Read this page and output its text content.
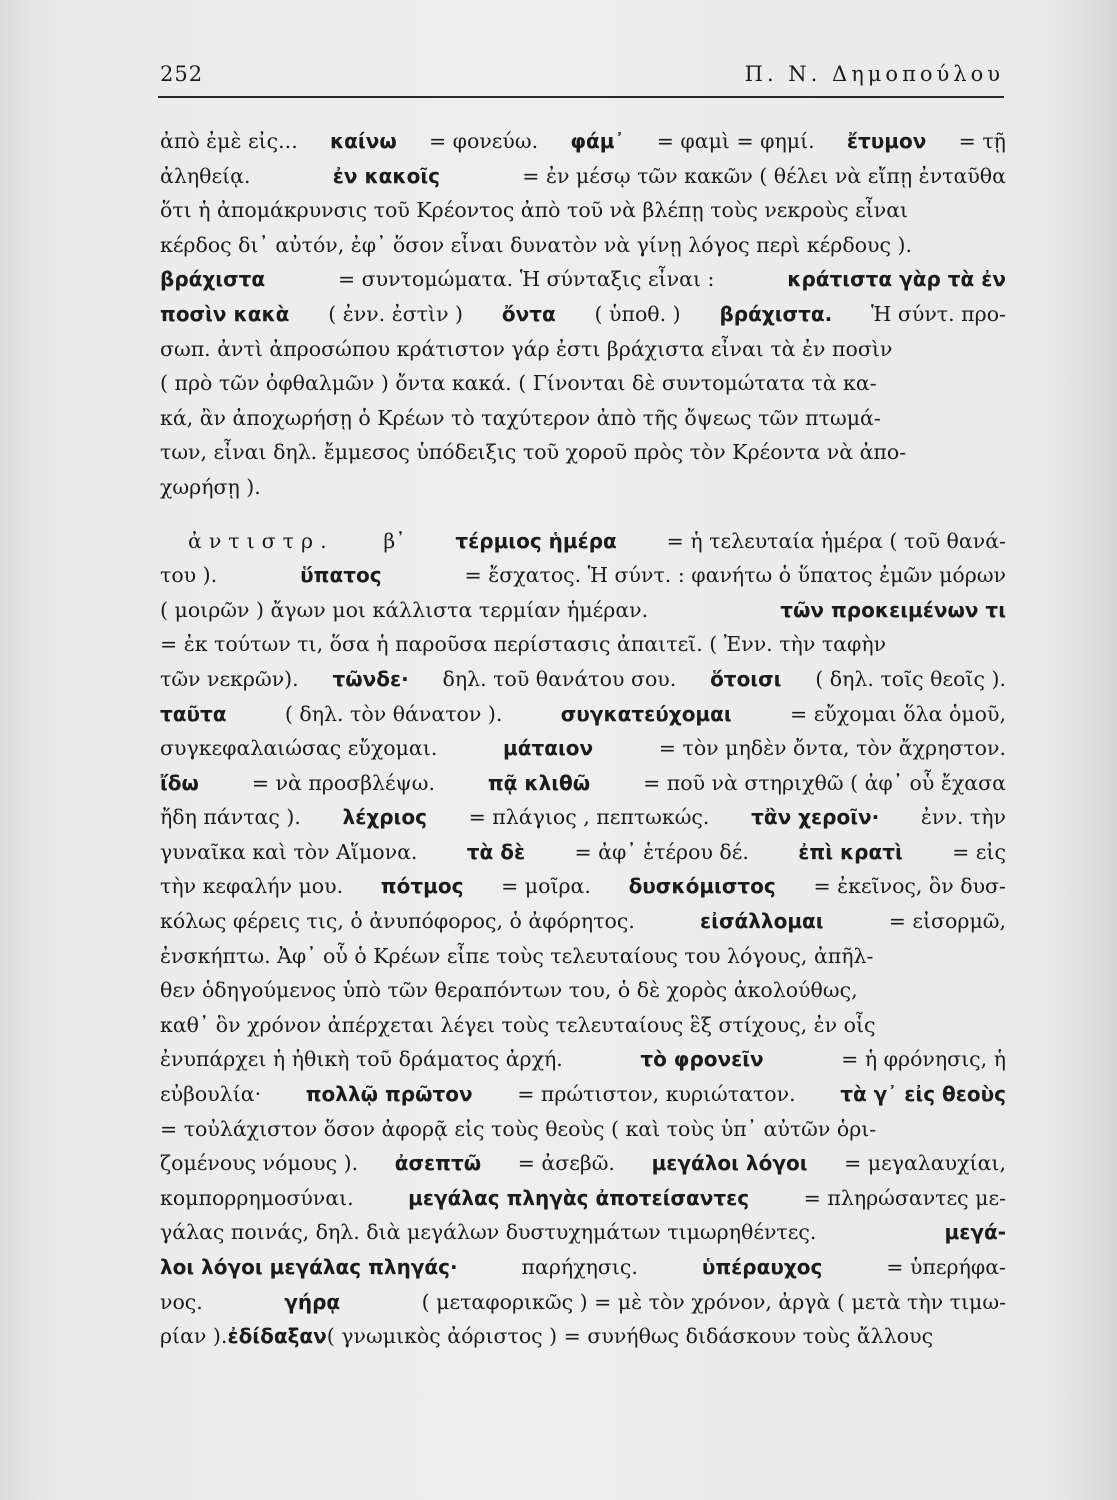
252	Π. Ν. Δημοπούλου
ἀπὸ ἐμὲ εἰς... καίνω = φονεύω. φάμ᾽ = φαμὶ = φημί. ἔτυμον = τῇ
ἀληθείᾳ.	ἐν κακοῖς	= ἐν μέσῳ τῶν κακῶν ( θέλει νὰ εἴπῃ ἐνταῦθα
ὅτι ἡ ἀπομάκρυνσις τοῦ Κρέοντος ἀπὸ τοῦ νὰ βλέπῃ τοὺς νεκροὺς εἶναι
κέρδος δι᾽ αὐτόν, ἐφ᾽ ὅσον εἶναι δυνατὸν νὰ γίνῃ λόγος περὶ κέρδους ).
βράχιστα	= συντομώματα. Ἡ σύνταξις εἶναι :	κράτιστα γὰρ τὰ ἐν
ποσὶν κακὰ ( ἐνν. ἐστὶν ) ὄντα ( ὑποθ. ) βράχιστα. Ἡ σύντ. προ-
σωπ. ἀντὶ ἀπροσώπου κράτιστον γάρ ἐστι βράχιστα εἶναι τὰ ἐν ποσὶν
( πρὸ τῶν ὀφθαλμῶν ) ὄντα κακά. ( Γίνονται δὲ συντομώτατα τὰ κα-
κά, ἂν ἀποχωρήσῃ ὁ Κρέων τὸ ταχύτερον ἀπὸ τῆς ὄψεως τῶν πτωμά-
των, εἶναι δηλ. ἔμμεσος ὑπόδειξις τοῦ χοροῦ πρὸς τὸν Κρέοντα νὰ ἀπο-
χωρήσῃ ).
ἀντιστρ. β᾽ τέρμιος ἡμέρα = ἡ τελευταία ἡμέρα ( τοῦ θανά-
του ).	ὕπατος	= ἔσχατος. Ἡ σύντ. : φανήτω ὁ ὕπατος ἐμῶν μόρων
( μοιρῶν ) ἄγων μοι κάλλιστα τερμίαν ἡμέραν.	τῶν προκειμένων τι
= ἐκ τούτων τι, ὅσα ἡ παροῦσα περίστασις ἀπαιτεῖ. ( Ἐνν. τὴν ταφὴν
τῶν νεκρῶν). τῶνδε· δηλ. τοῦ θανάτου σου. ὅτοισι ( δηλ. τοῖς θεοῖς ).
ταῦτα	( δηλ. τὸν θάνατον ).	συγκατεύχομαι	= εὔχομαι ὅλα ὁμοῦ,
συγκεφαλαιώσας εὔχομαι.	μάταιον	= τὸν μηδὲν ὄντα, τὸν ἄχρηστον.
ἴδω	= νὰ προσβλέψω.	πᾷ κλιθῶ	= ποῦ νὰ στηριχθῶ ( ἀφ᾽ οὗ ἔχασα
ἤδη πάντας ). λέχριος = πλάγιος , πεπτωκώς. τἂν χεροῖν· ἐνν. τὴν
γυναῖκα καὶ τὸν Αἵμονα. τὰ δὲ = ἀφ᾽ ἑτέρου δέ. ἐπὶ κρατὶ = εἰς
τὴν κεφαλήν μου. πότμος = μοῖρα. δυσκόμιστος = ἐκεῖνος, ὃν δυσ-
κόλως φέρεις τις, ὁ ἀνυπόφορος, ὁ ἀφόρητος.	εἰσάλλομαι	= εἰσορμῶ,
ἐνσκήπτω. Ἀφ᾽ οὗ ὁ Κρέων εἶπε τοὺς τελευταίους του λόγους, ἀπῆλ-
θεν ὁδηγούμενος ὑπὸ τῶν θεραπόντων του, ὁ δὲ χορὸς ἀκολούθως,
καθ᾽ ὃν χρόνον ἀπέρχεται λέγει τοὺς τελευταίους ἓξ στίχους, ἐν οἷς
ἐνυπάρχει ἡ ἠθικὴ τοῦ δράματος ἀρχή.	τὸ φρονεῖν	= ἡ φρόνησις, ἡ
εὐβουλία· πολλῷ πρῶτον = πρώτιστον, κυριώτατον. τὰ γ᾽ εἰς θεοὺς
= τοὐλάχιστον ὅσον ἀφορᾷ εἰς τοὺς θεοὺς ( καὶ τοὺς ὑπ᾽ αὐτῶν ὁρι-
ζομένους νόμους ). ἀσεπτῶ = ἀσεβῶ. μεγάλοι λόγοι = μεγαλαυχίαι,
κομπορρημοσύναι.	μεγάλας πληγὰς ἀποτείσαντες	= πληρώσαντες με-
γάλας ποινάς, δηλ. διὰ μεγάλων δυστυχημάτων τιμωρηθέντες.	μεγά-
λοι λόγοι μεγάλας πληγάς·	παρήχησις.	ὑπέραυχος	= ὑπερήφα-
νος.	γήρᾳ	( μεταφορικῶς ) = μὲ τὸν χρόνον, ἀργὰ ( μετὰ τὴν τιμω-
ρίαν ). ἐδίδαξαν ( γνωμικὸς ἀόριστος ) = συνήθως διδάσκουν τοὺς ἄλλους
